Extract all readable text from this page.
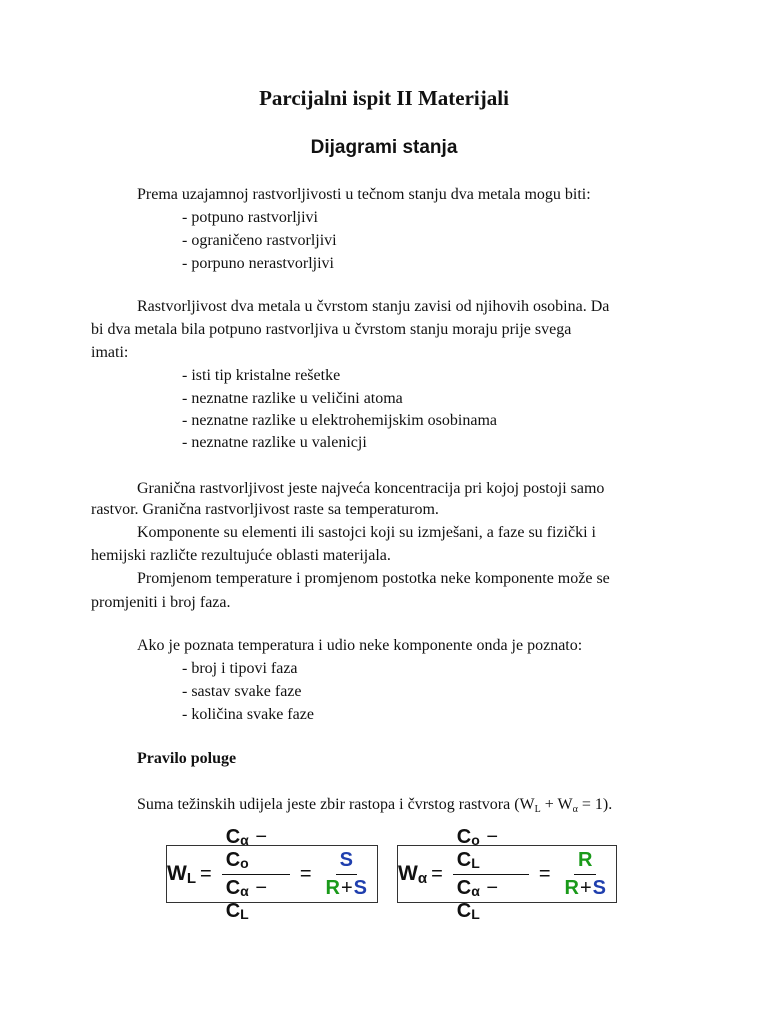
Parcijalni ispit II Materijali
Dijagrami stanja
Prema uzajamnoj rastvorljivosti u tečnom stanju dva metala mogu biti:
- potpuno rastvorljivi
- ograničeno rastvorljivi
- porpuno nerastvorljivi
Rastvorljivost dva metala u čvrstom stanju zavisi od njihovih osobina. Da
bi dva metala bila potpuno rastvorljiva u čvrstom stanju moraju prije svega
imati:
- isti tip kristalne rešetke
- neznatne razlike u veličini atoma
- neznatne razlike u elektrohemijskim osobinama
- neznatne razlike u valenicji
Granična rastvorljivost jeste najveća koncentracija pri kojoj postoji samo
rastvor. Granična rastvorljivost raste sa temperaturom.
Komponente su elementi ili sastojci koji su izmješani, a faze su fizički i
hemijski različte rezultujuće oblasti materijala.
Promjenom temperature i promjenom postotka neke komponente može se
promjeniti i broj faza.
Ako je poznata temperatura i udio neke komponente onda je poznato:
- broj i tipovi faza
- sastav svake faze
- količina svake faze
Pravilo poluge
Suma težinskih udijela jeste zbir rastopa i čvrstog rastvora $(W_L + W_\alpha = 1)$.
$W_L = \frac{C_\alpha - C_o}{C_\alpha - C_L} = \frac{S}{R+S} W_\alpha = \frac{C_o - C_L}{C_\alpha - C_L} = \frac{R}{R+S}$
